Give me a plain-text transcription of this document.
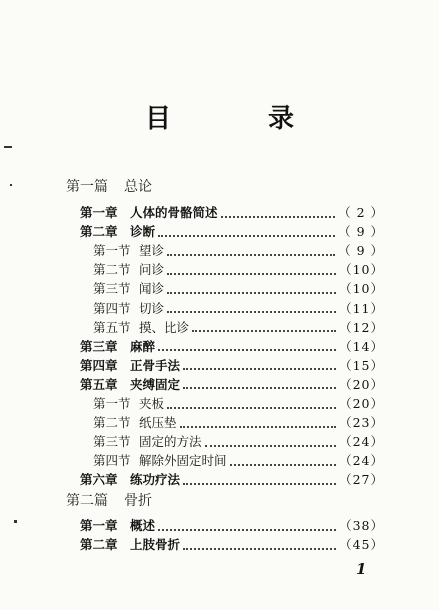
目 录
第一篇 总论
第一章 人体的骨骼简述	（ 2 ）
第二章 诊断	（ 9 ）
第一节 望诊	（ 9 ）
第二节 问诊	（10）
第三节 闻诊	（10）
第四节 切诊	（11）
第五节 摸、比诊	（12）
第三章 麻醉	（14）
第四章 正骨手法	（15）
第五章 夹缚固定	（20）
第一节 夹板	（20）
第二节 纸压垫	（23）
第三节 固定的方法	（24）
第四节 解除外固定时间	（24）
第六章 练功疗法	（27）
第二篇 骨折
第一章 概述	（38）
第二章 上肢骨折	（45）
1
